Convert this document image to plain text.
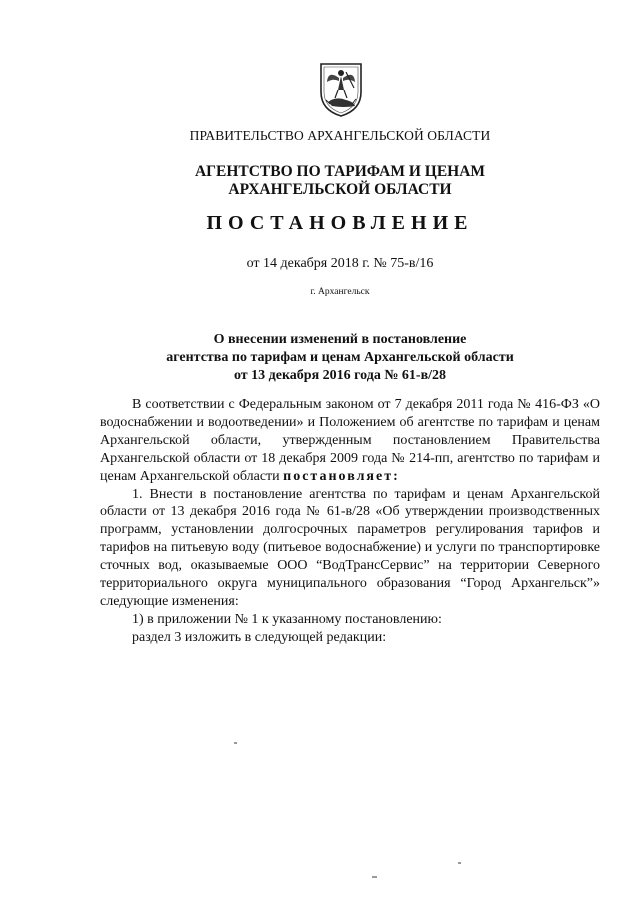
ПРАВИТЕЛЬСТВО АРХАНГЕЛЬСКОЙ ОБЛАСТИ
АГЕНТСТВО ПО ТАРИФАМ И ЦЕНАМ
АРХАНГЕЛЬСКОЙ ОБЛАСТИ
ПОСТАНОВЛЕНИЕ
от 14 декабря 2018 г. № 75-в/16
г. Архангельск
О внесении изменений в постановление
агентства по тарифам и ценам Архангельской области
от 13 декабря 2016 года № 61-в/28

В соответствии с Федеральным законом от 7 декабря 2011 года № 416-ФЗ «О водоснабжении и водоотведении» и Положением об агентстве по тарифам и ценам Архангельской области, утвержденным постановлением Правительства Архангельской области от 18 декабря 2009 года № 214-пп, агентство по тарифам и ценам Архангельской области постановляет:

1. Внести в постановление агентства по тарифам и ценам Архангельской области от 13 декабря 2016 года № 61-в/28 «Об утверждении производственных программ, установлении долгосрочных параметров регулирования тарифов и тарифов на питьевую воду (питьевое водоснабжение) и услуги по транспортировке сточных вод, оказываемые ООО “ВодТрансСервис” на территории Северного территориального округа муниципального образования “Город Архангельск”» следующие изменения:

1) в приложении № 1 к указанному постановлению:

раздел 3 изложить в следующей редакции:
